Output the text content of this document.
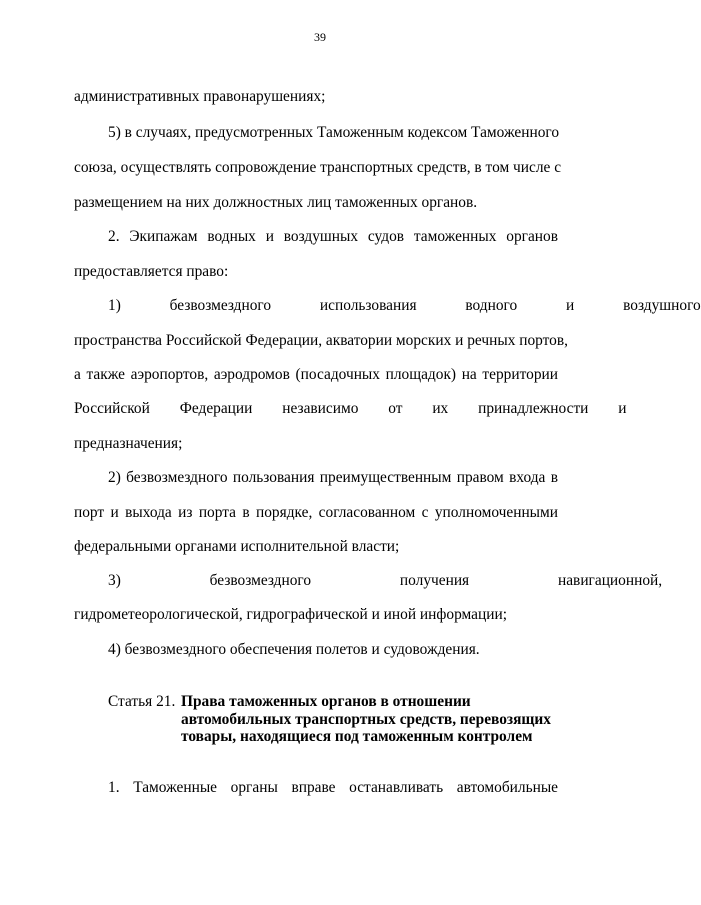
39
административных правонарушениях;
5) в случаях, предусмотренных Таможенным кодексом Таможенного
союза, осуществлять сопровождение транспортных средств, в том числе с
размещением на них должностных лиц таможенных органов.
2. Экипажам водных и воздушных судов таможенных органов
предоставляется право:
1) безвозмездного использования водного и воздушного
пространства Российской Федерации, акватории морских и речных портов,
а также аэропортов, аэродромов (посадочных площадок) на территории
Российской Федерации независимо от их принадлежности и
предназначения;
2) безвозмездного пользования преимущественным правом входа в
порт и выхода из порта в порядке, согласованном с уполномоченными
федеральными органами исполнительной власти;
3) безвозмездного получения навигационной,
гидрометеорологической, гидрографической и иной информации;
4) безвозмездного обеспечения полетов и судовождения.
Статья 21. Права таможенных органов в отношении
автомобильных транспортных средств, перевозящих
товары, находящиеся под таможенным контролем
1. Таможенные органы вправе останавливать автомобильные
